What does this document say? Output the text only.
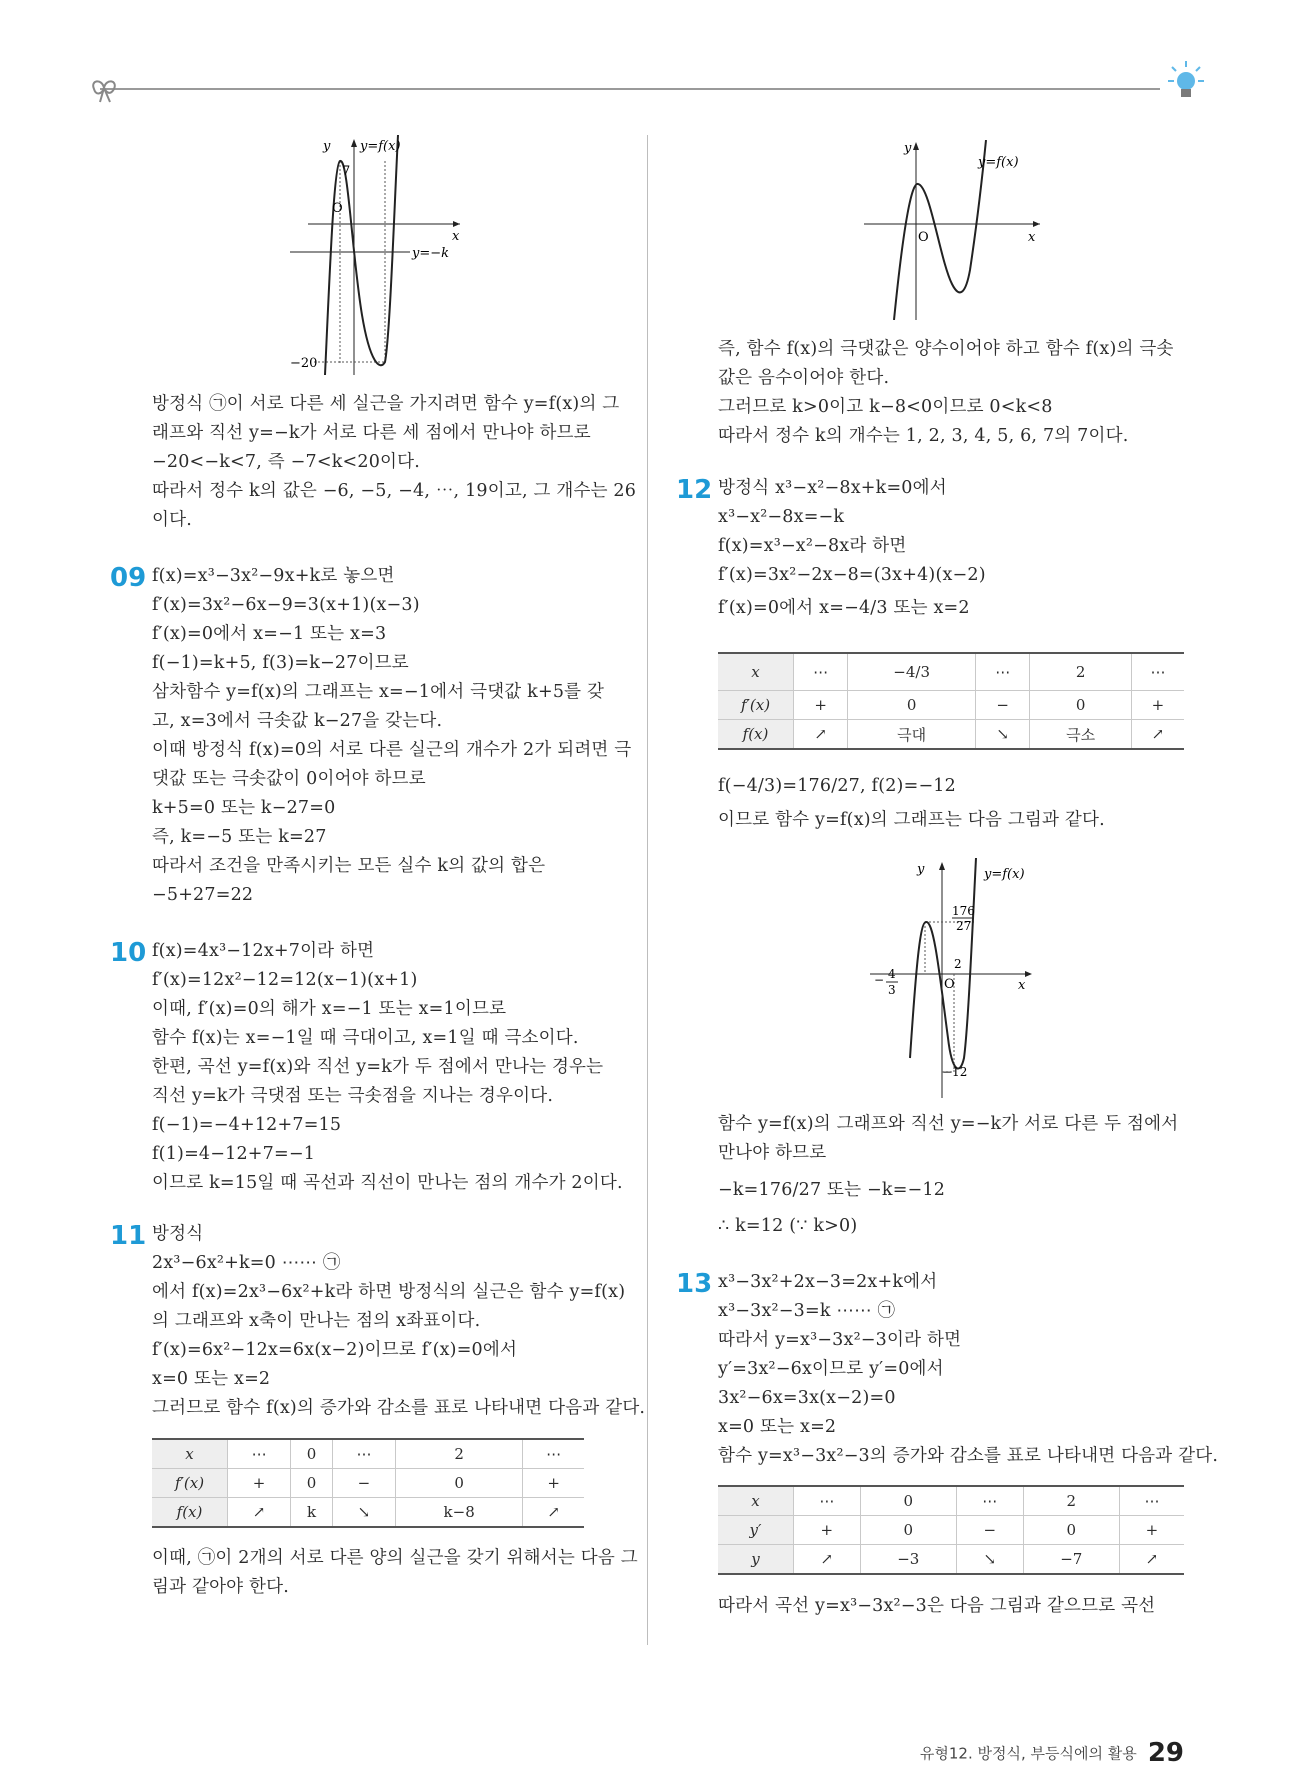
y y=f(x)
7
O
x
y=−k
−20
방정식 ㉠이 서로 다른 세 실근을 가지려면 함수 y=f(x)의 그
래프와 직선 y=−k가 서로 다른 세 점에서 만나야 하므로
−20<−k<7, 즉 −7<k<20이다.
따라서 정수 k의 값은 −6, −5, −4, ⋯, 19이고, 그 개수는 26
이다.
09 f(x)=x³−3x²−9x+k로 놓으면
f′(x)=3x²−6x−9=3(x+1)(x−3)
f′(x)=0에서 x=−1 또는 x=3
f(−1)=k+5, f(3)=k−27이므로
삼차함수 y=f(x)의 그래프는 x=−1에서 극댓값 k+5를 갖
고, x=3에서 극솟값 k−27을 갖는다.
이때 방정식 f(x)=0의 서로 다른 실근의 개수가 2가 되려면 극
댓값 또는 극솟값이 0이어야 하므로
k+5=0 또는 k−27=0
즉, k=−5 또는 k=27
따라서 조건을 만족시키는 모든 실수 k의 값의 합은
−5+27=22
10 f(x)=4x³−12x+7이라 하면
f′(x)=12x²−12=12(x−1)(x+1)
이때, f′(x)=0의 해가 x=−1 또는 x=1이므로
함수 f(x)는 x=−1일 때 극대이고, x=1일 때 극소이다.
한편, 곡선 y=f(x)와 직선 y=k가 두 점에서 만나는 경우는
직선 y=k가 극댓점 또는 극솟점을 지나는 경우이다.
f(−1)=−4+12+7=15
f(1)=4−12+7=−1
이므로 k=15일 때 곡선과 직선이 만나는 점의 개수가 2이다.
11 방정식
2x³−6x²+k=0 ⋯⋯ ㉠
에서 f(x)=2x³−6x²+k라 하면 방정식의 실근은 함수 y=f(x)
의 그래프와 x축이 만나는 점의 x좌표이다.
f′(x)=6x²−12x=6x(x−2)이므로 f′(x)=0에서
x=0 또는 x=2
그러므로 함수 f(x)의 증가와 감소를 표로 나타내면 다음과 같다.
x	⋯	0	⋯	2	⋯
f′(x)	+	0	−	0	+
f(x)	↗	k	↘	k−8	↗
이때, ㉠이 2개의 서로 다른 양의 실근을 갖기 위해서는 다음 그
림과 같아야 한다.
y
y=f(x)
O	x
즉, 함수 f(x)의 극댓값은 양수이어야 하고 함수 f(x)의 극솟
값은 음수이어야 한다.
그러므로 k>0이고 k−8<0이므로 0<k<8
따라서 정수 k의 개수는 1, 2, 3, 4, 5, 6, 7의 7이다.
12 방정식 x³−x²−8x+k=0에서
x³−x²−8x=−k
f(x)=x³−x²−8x라 하면
f′(x)=3x²−2x−8=(3x+4)(x−2)
f′(x)=0에서 x=−4/3 또는 x=2
x	⋯	−4/3	⋯	2	⋯
f′(x)	+	0	−	0	+
f(x)	↗	극대	↘	극소	↗
f(−4/3)=176/27, f(2)=−12
이므로 함수 y=f(x)의 그래프는 다음 그림과 같다.
y	y=f(x)
176
27
2
− 4
3	O	x
−12
함수 y=f(x)의 그래프와 직선 y=−k가 서로 다른 두 점에서
만나야 하므로
−k=176/27 또는 −k=−12
∴ k=12 (∵ k>0)
13 x³−3x²+2x−3=2x+k에서
x³−3x²−3=k ⋯⋯ ㉠
따라서 y=x³−3x²−3이라 하면
y′=3x²−6x이므로 y′=0에서
3x²−6x=3x(x−2)=0
x=0 또는 x=2
함수 y=x³−3x²−3의 증가와 감소를 표로 나타내면 다음과 같다.
x	⋯	0	⋯	2	⋯
y′	+	0	−	0	+
y	↗	−3	↘	−7	↗
따라서 곡선 y=x³−3x²−3은 다음 그림과 같으므로 곡선
유형12. 방정식, 부등식에의 활용 29
